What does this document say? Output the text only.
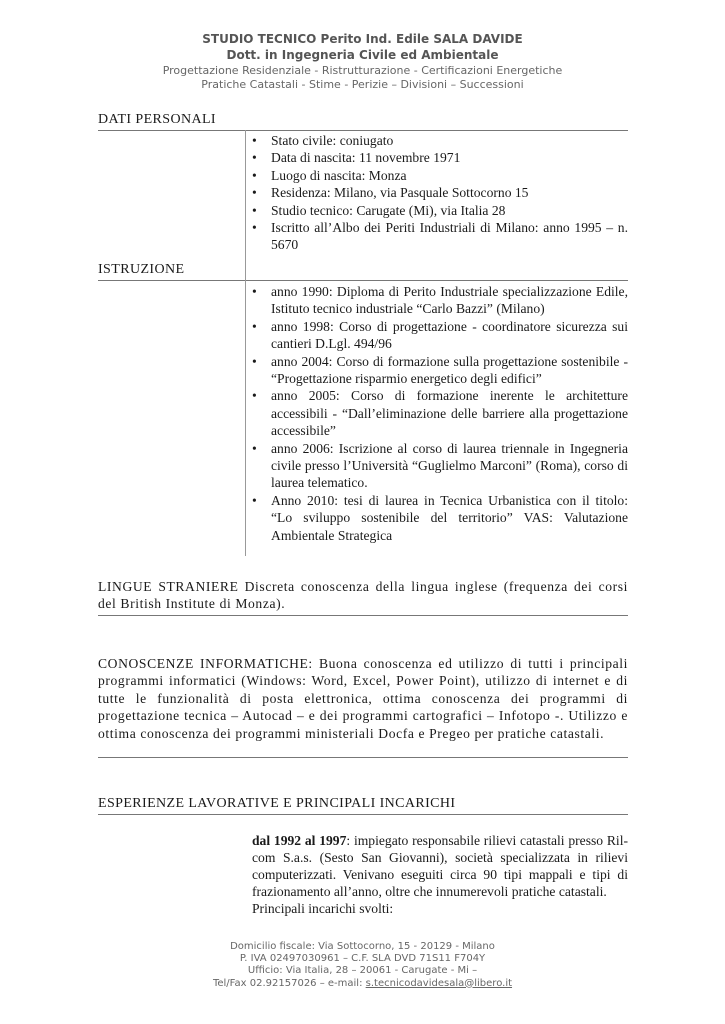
STUDIO TECNICO Perito Ind. Edile SALA DAVIDE
Dott. in Ingegneria Civile ed Ambientale
Progettazione Residenziale - Ristrutturazione - Certificazioni Energetiche
Pratiche Catastali - Stime - Perizie – Divisioni – Successioni
DATI PERSONALI
• Stato civile: coniugato
• Data di nascita: 11 novembre 1971
• Luogo di nascita: Monza
• Residenza: Milano, via Pasquale Sottocorno 15
• Studio tecnico: Carugate (Mi), via Italia 28
• Iscritto all’Albo dei Periti Industriali di Milano: anno 1995 – n. 5670
ISTRUZIONE
• anno 1990: Diploma di Perito Industriale specializzazione Edile, Istituto tecnico industriale “Carlo Bazzi” (Milano)
• anno 1998: Corso di progettazione - coordinatore sicurezza sui cantieri D.Lgl. 494/96
• anno 2004: Corso di formazione sulla progettazione sostenibile - “Progettazione risparmio energetico degli edifici”
• anno 2005: Corso di formazione inerente le architetture accessibili - “Dall’eliminazione delle barriere alla progettazione accessibile”
• anno 2006: Iscrizione al corso di laurea triennale in Ingegneria civile presso l’Università “Guglielmo Marconi” (Roma), corso di laurea telematico.
• Anno 2010: tesi di laurea in Tecnica Urbanistica con il titolo: “Lo sviluppo sostenibile del territorio” VAS: Valutazione Ambientale Strategica
LINGUE STRANIERE Discreta conoscenza della lingua inglese (frequenza dei corsi del British Institute di Monza).
CONOSCENZE INFORMATICHE: Buona conoscenza ed utilizzo di tutti i principali programmi informatici (Windows: Word, Excel, Power Point), utilizzo di internet e di tutte le funzionalità di posta elettronica, ottima conoscenza dei programmi di progettazione tecnica – Autocad – e dei programmi cartografici – Infotopo -. Utilizzo e ottima conoscenza dei programmi ministeriali Docfa e Pregeo per pratiche catastali.
ESPERIENZE LAVORATIVE E PRINCIPALI INCARICHI
dal 1992 al 1997: impiegato responsabile rilievi catastali presso Ril-com S.a.s. (Sesto San Giovanni), società specializzata in rilievi computerizzati. Venivano eseguiti circa 90 tipi mappali e tipi di frazionamento all’anno, oltre che innumerevoli pratiche catastali.
Principali incarichi svolti:
Domicilio fiscale: Via Sottocorno, 15 - 20129 - Milano
P. IVA 02497030961 – C.F. SLA DVD 71S11 F704Y
Ufficio: Via Italia, 28 – 20061 - Carugate - Mi –
Tel/Fax 02.92157026 – e-mail: s.tecnicodavidesala@libero.it
